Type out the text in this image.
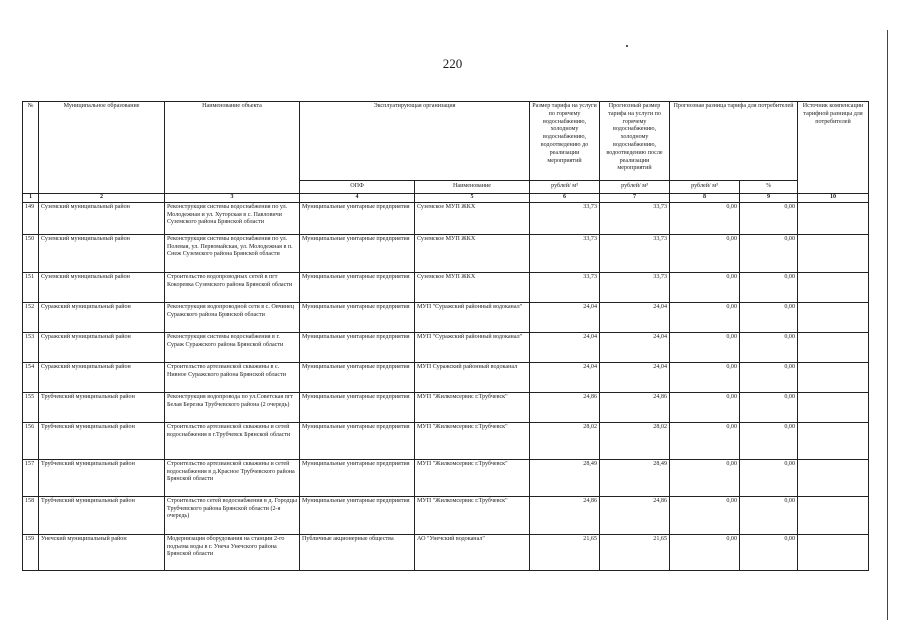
220
№	Муниципальное образование	Наименование объекта	Эксплуатирующая организация		Размер тарифа на услуги по горячему водоснабжению, холодному водоснабжению, водоотведению до реализации мероприятий	Прогнозный размер тарифа на услуги по горячему водоснабжению, холодному водоснабжению, водоотведению после реализации мероприятий	Прогнозная разница тарифа для потребителей		Источник компенсации тарифной разницы для потребителей
			ОПФ	Наименование	рублей/ м³	рублей/ м³	рублей/ м³	%	
1	2	3	4	5	6	7	8	9	10
149	Суземский муниципальный район	Реконструкция системы водоснабжения по ул. Молодежная и ул. Хуторская в с. Павловичи Суземского района Брянской области	Муниципальные унитарные предприятия	Суземское МУП ЖКХ	33,73	33,73	0,00	0,00	
150	Суземский муниципальный район	Реконструкция системы водоснабжения по ул. Полевая, ул. Первомайская, ул. Молодежная в п. Снеж Суземского района Брянской области	Муниципальные унитарные предприятия	Суземское МУП ЖКХ	33,73	33,73	0,00	0,00	
151	Суземский муниципальный район	Строительство водопроводных сетей в пгт Кокоревка Суземского района Брянской области	Муниципальные унитарные предприятия	Суземское МУП ЖКХ	33,73	33,73	0,00	0,00	
152	Суражский муниципальный район	Реконструкция водопроводной сети в с. Овчинец Суражского района Брянской области	Муниципальные унитарные предприятия	МУП "Суражский районный водоканал"	24,04	24,04	0,00	0,00	
153	Суражский муниципальный район	Реконструкция системы водоснабжения в г. Сураж Суражского района Брянской области	Муниципальные унитарные предприятия	МУП "Суражский районный водоканал"	24,04	24,04	0,00	0,00	
154	Суражский муниципальный район	Строительство артезианской скважины в с. Нивное Суражского района Брянской области	Муниципальные унитарные предприятия	МУП Суражский районный водоканал	24,04	24,04	0,00	0,00	
155	Трубчевский муниципальный район	Реконструкция водопровода по ул.Советская пгт Белая Березка Трубчевского района (2 очередь)	Муниципальные унитарные предприятия	МУП "Жилкомсервис г.Трубчевск"	24,86	24,86	0,00	0,00	
156	Трубчевский муниципальный район	Строительство артезианской скважины и сетей водоснабжения в г.Трубчевск Брянской области	Муниципальные унитарные предприятия	МУП "Жилкомсервис г.Трубчевск"	28,02	28,02	0,00	0,00	
157	Трубчевский муниципальный район	Строительство артезианской скважины и сетей водоснабжения в д.Красное Трубчевского района Брянской области	Муниципальные унитарные предприятия	МУП "Жилкомсервис г.Трубчевск"	28,49	28,49	0,00	0,00	
158	Трубчевский муниципальный район	Строительство сетей водоснабжения в д. Городцы Трубчевского района Брянской области (2-я очередь)	Муниципальные унитарные предприятия	МУП "Жилкомсервис г.Трубчевск"	24,86	24,86	0,00	0,00	
159	Унечский муниципальный район	Модернизация оборудования на станции 2-го подъема воды в г. Унеча Унечского района Брянской области	Публичные акционерные общества	АО "Унечский водоканал"	21,65	21,65	0,00	0,00	
